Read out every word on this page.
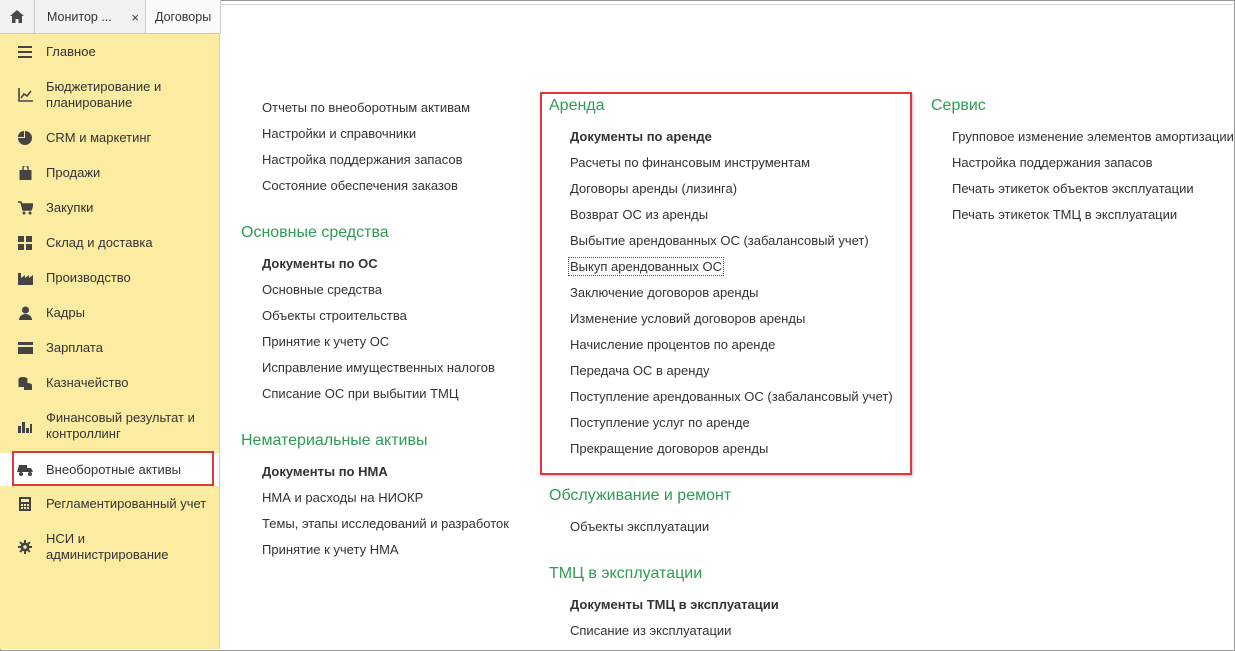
Монитор ... × Договоры
Главное
Бюджетирование и планирование
CRM и маркетинг
Продажи
Закупки
Склад и доставка
Производство
Кадры
Зарплата
Казначейство
Финансовый результат и контроллинг
Внеоборотные активы
Регламентированный учет
НСИ и администрирование
Отчеты по внеоборотным активам
Настройки и справочники
Настройка поддержания запасов
Состояние обеспечения заказов
Основные средства
Документы по ОС
Основные средства
Объекты строительства
Принятие к учету ОС
Исправление имущественных налогов
Списание ОС при выбытии ТМЦ
Нематериальные активы
Документы по НМА
НМА и расходы на НИОКР
Темы, этапы исследований и разработок
Принятие к учету НМА
Аренда
Документы по аренде
Расчеты по финансовым инструментам
Договоры аренды (лизинга)
Возврат ОС из аренды
Выбытие арендованных ОС (забалансовый учет)
Выкуп арендованных ОС
Заключение договоров аренды
Изменение условий договоров аренды
Начисление процентов по аренде
Передача ОС в аренду
Поступление арендованных ОС (забалансовый учет)
Поступление услуг по аренде
Прекращение договоров аренды
Обслуживание и ремонт
Объекты эксплуатации
ТМЦ в эксплуатации
Документы ТМЦ в эксплуатации
Списание из эксплуатации
Сервис
Групповое изменение элементов амортизации
Настройка поддержания запасов
Печать этикеток объектов эксплуатации
Печать этикеток ТМЦ в эксплуатации
